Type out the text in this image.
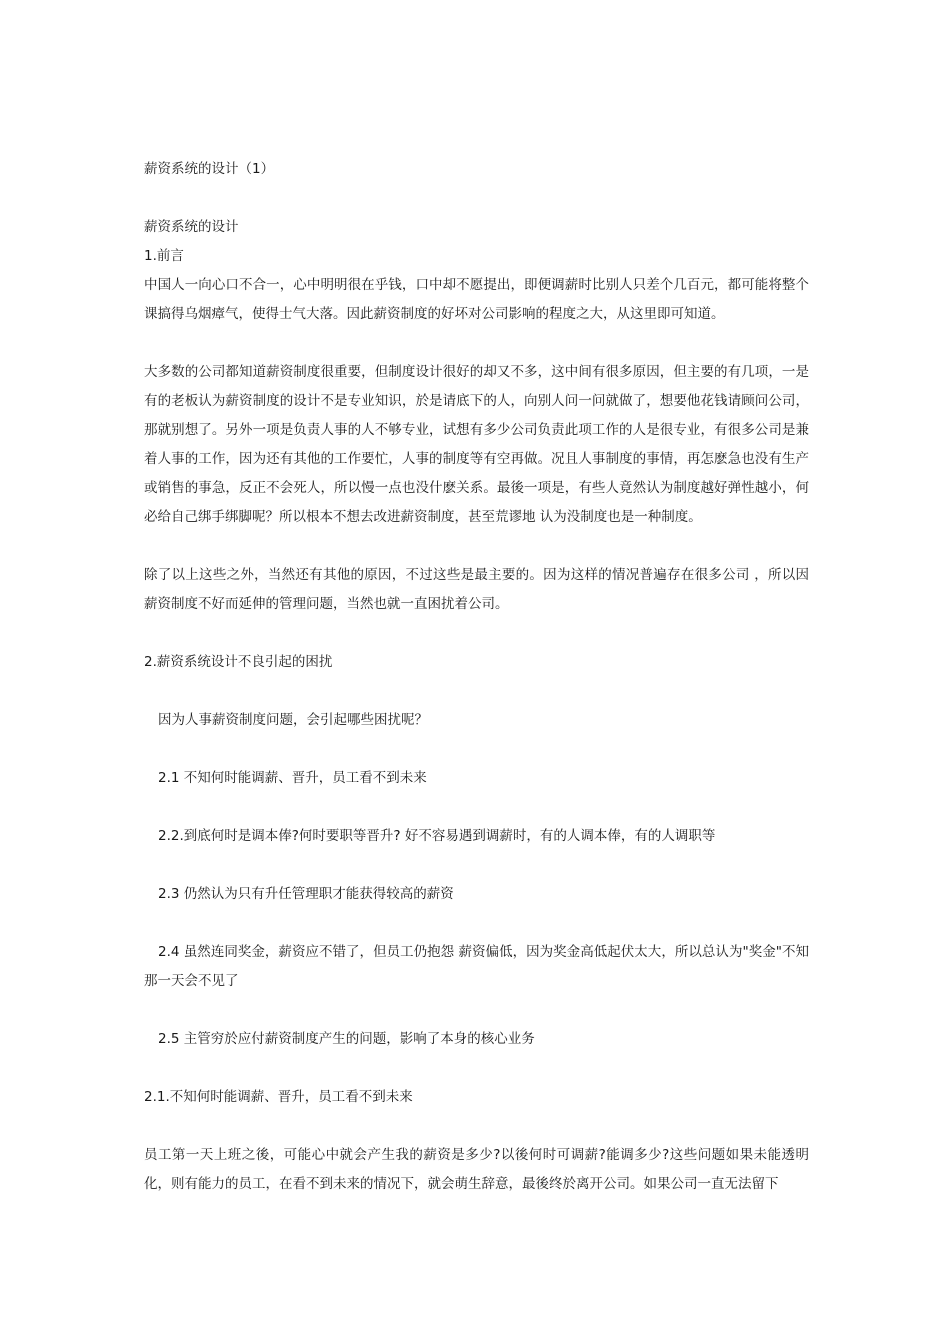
薪资系统的设计（1）

薪资系统的设计

1.前言

中国人一向心口不合一，心中明明很在乎钱，口中却不愿提出，即便调薪时比别人只差个几百元，都可能将整个课搞得乌烟瘴气，使得士气大落。因此薪资制度的好坏对公司影响的程度之大，从这里即可知道。

大多数的公司都知道薪资制度很重要，但制度设计很好的却又不多，这中间有很多原因，但主要的有几项，一是有的老板认为薪资制度的设计不是专业知识，於是请底下的人，向别人问一问就做了，想要他花钱请顾问公司，那就别想了。另外一项是负责人事的人不够专业，试想有多少公司负责此项工作的人是很专业，有很多公司是兼着人事的工作，因为还有其他的工作要忙，人事的制度等有空再做。况且人事制度的事情，再怎麽急也没有生产或销售的事急，反正不会死人，所以慢一点也没什麽关系。最後一项是，有些人竟然认为制度越好弹性越小，何必给自己绑手绑脚呢？所以根本不想去改进薪资制度，甚至荒谬地 认为没制度也是一种制度。

除了以上这些之外，当然还有其他的原因，不过这些是最主要的。因为这样的情况普遍存在很多公司 ，所以因薪资制度不好而延伸的管理问题，当然也就一直困扰着公司。

2.薪资系统设计不良引起的困扰

因为人事薪资制度问题，会引起哪些困扰呢？

2.1 不知何时能调薪、晋升，员工看不到未来

2.2.到底何时是调本俸?何时要职等晋升? 好不容易遇到调薪时，有的人调本俸，有的人调职等

2.3 仍然认为只有升任管理职才能获得较高的薪资

2.4 虽然连同奖金，薪资应不错了，但员工仍抱怨 薪资偏低，因为奖金高低起伏太大，所以总认为"奖金"不知那一天会不见了

2.5 主管穷於应付薪资制度产生的问题，影响了本身的核心业务

2.1.不知何时能调薪、晋升，员工看不到未来

员工第一天上班之後，可能心中就会产生我的薪资是多少?以後何时可调薪?能调多少?这些问题如果未能透明化，则有能力的员工，在看不到未来的情况下，就会萌生辞意，最後终於离开公司。如果公司一直无法留下
